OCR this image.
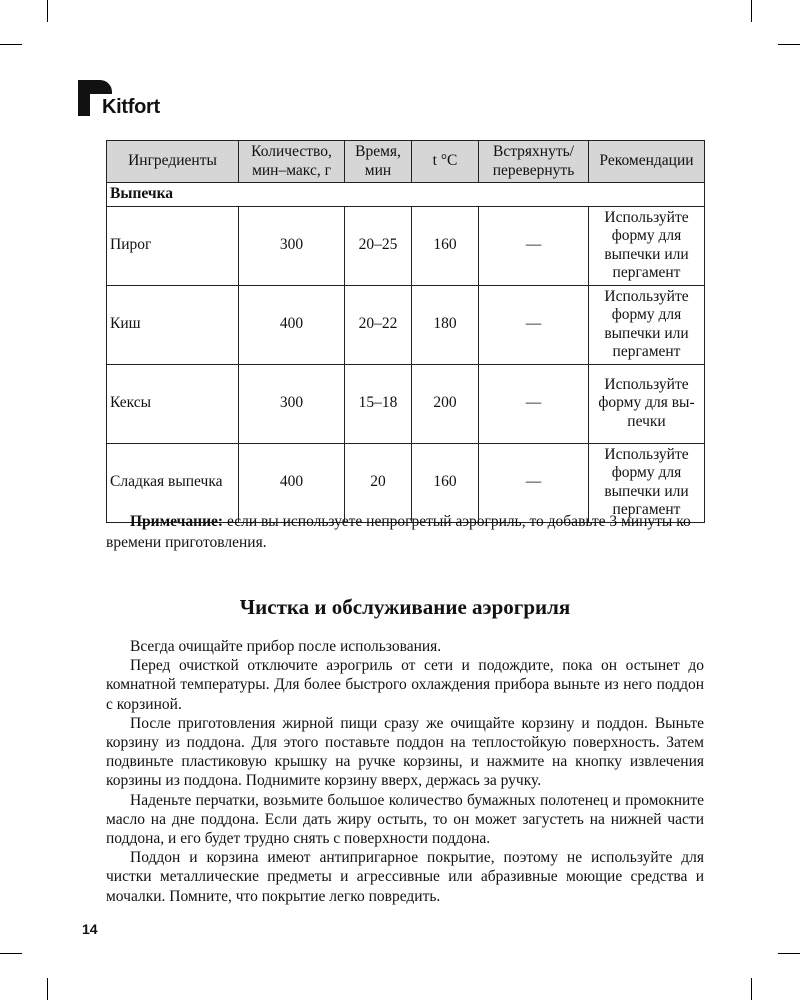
Kitfort
Ингредиенты	Количество, мин–макс, г	Время, мин	t °C	Встряхнуть/ перевернуть	Рекомендации
Выпечка					
Пирог	300	20–25	160	—	Используйте форму для выпечки или пергамент
Киш	400	20–22	180	—	Используйте форму для выпечки или пергамент
Кексы	300	15–18	200	—	Используйте форму для вы- печки
Сладкая выпечка	400	20	160	—	Используйте форму для выпечки или пергамент

Примечание: если вы используете непрогретый аэрогриль, то добавьте 3 минуты ко времени приготовления.

Чистка и обслуживание аэрогриля

Всегда очищайте прибор после использования.

Перед очисткой отключите аэрогриль от сети и подождите, пока он остынет до комнатной температуры. Для более быстрого охлаждения прибора выньте из него поддон с корзиной.

После приготовления жирной пищи сразу же очищайте корзину и поддон. Выньте корзину из поддона. Для этого поставьте поддон на теплостойкую поверхность. Затем подвиньте пластиковую крышку на ручке корзины, и нажмите на кнопку извлечения корзины из поддона. Поднимите корзину вверх, держась за ручку.

Наденьте перчатки, возьмите большое количество бумажных полотенец и промокните масло на дне поддона. Если дать жиру остыть, то он может загустеть на нижней части поддона, и его будет трудно снять с поверхности поддона.

Поддон и корзина имеют антипригарное покрытие, поэтому не используйте для чистки металлические предметы и агрессивные или абразивные моющие средства и мочалки. Помните, что покрытие легко повредить.

14
